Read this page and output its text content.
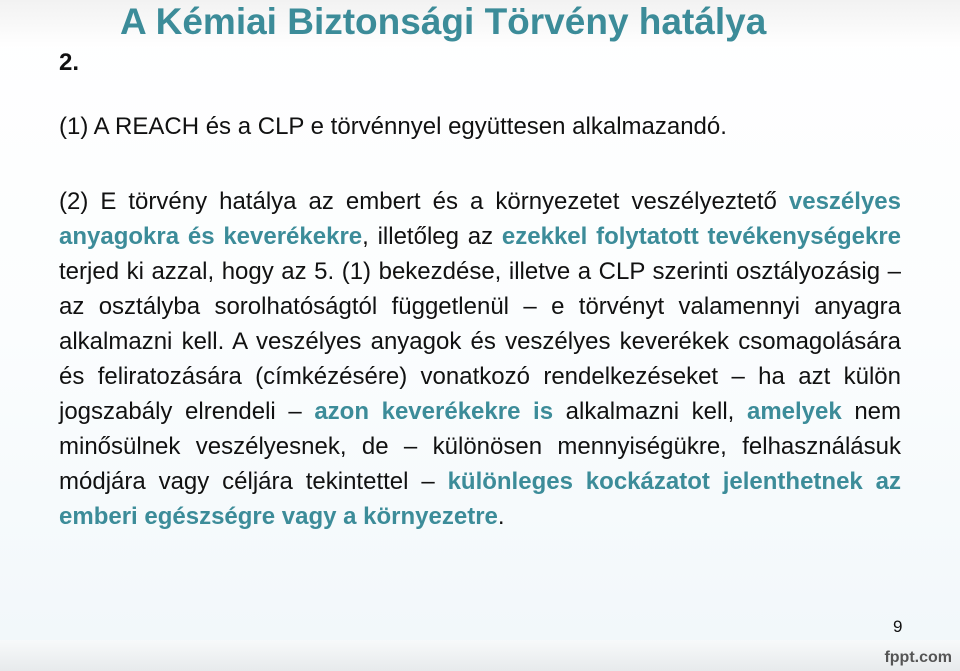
A Kémiai Biztonsági Törvény hatálya
2.
(1) A REACH és a CLP e törvénnyel együttesen alkalmazandó.

(2) E törvény hatálya az embert és a környezetet veszélyeztető veszélyes anyagokra és keverékekre, illetőleg az ezekkel folytatott tevékenységekre terjed ki azzal, hogy az 5. (1) bekezdése, illetve a CLP szerinti osztályozásig – az osztályba sorolhatóságtól függetlenül – e törvényt valamennyi anyagra alkalmazni kell. A veszélyes anyagok és veszélyes keverékek csomagolására és feliratozására (címkézésére) vonatkozó rendelkezéseket – ha azt külön jogszabály elrendeli – azon keverékekre is alkalmazni kell, amelyek nem minősülnek veszélyesnek, de – különösen mennyiségükre, felhasználásuk módjára vagy céljára tekintettel – különleges kockázatot jelenthetnek az emberi egészségre vagy a környezetre.

9
fppt.com
